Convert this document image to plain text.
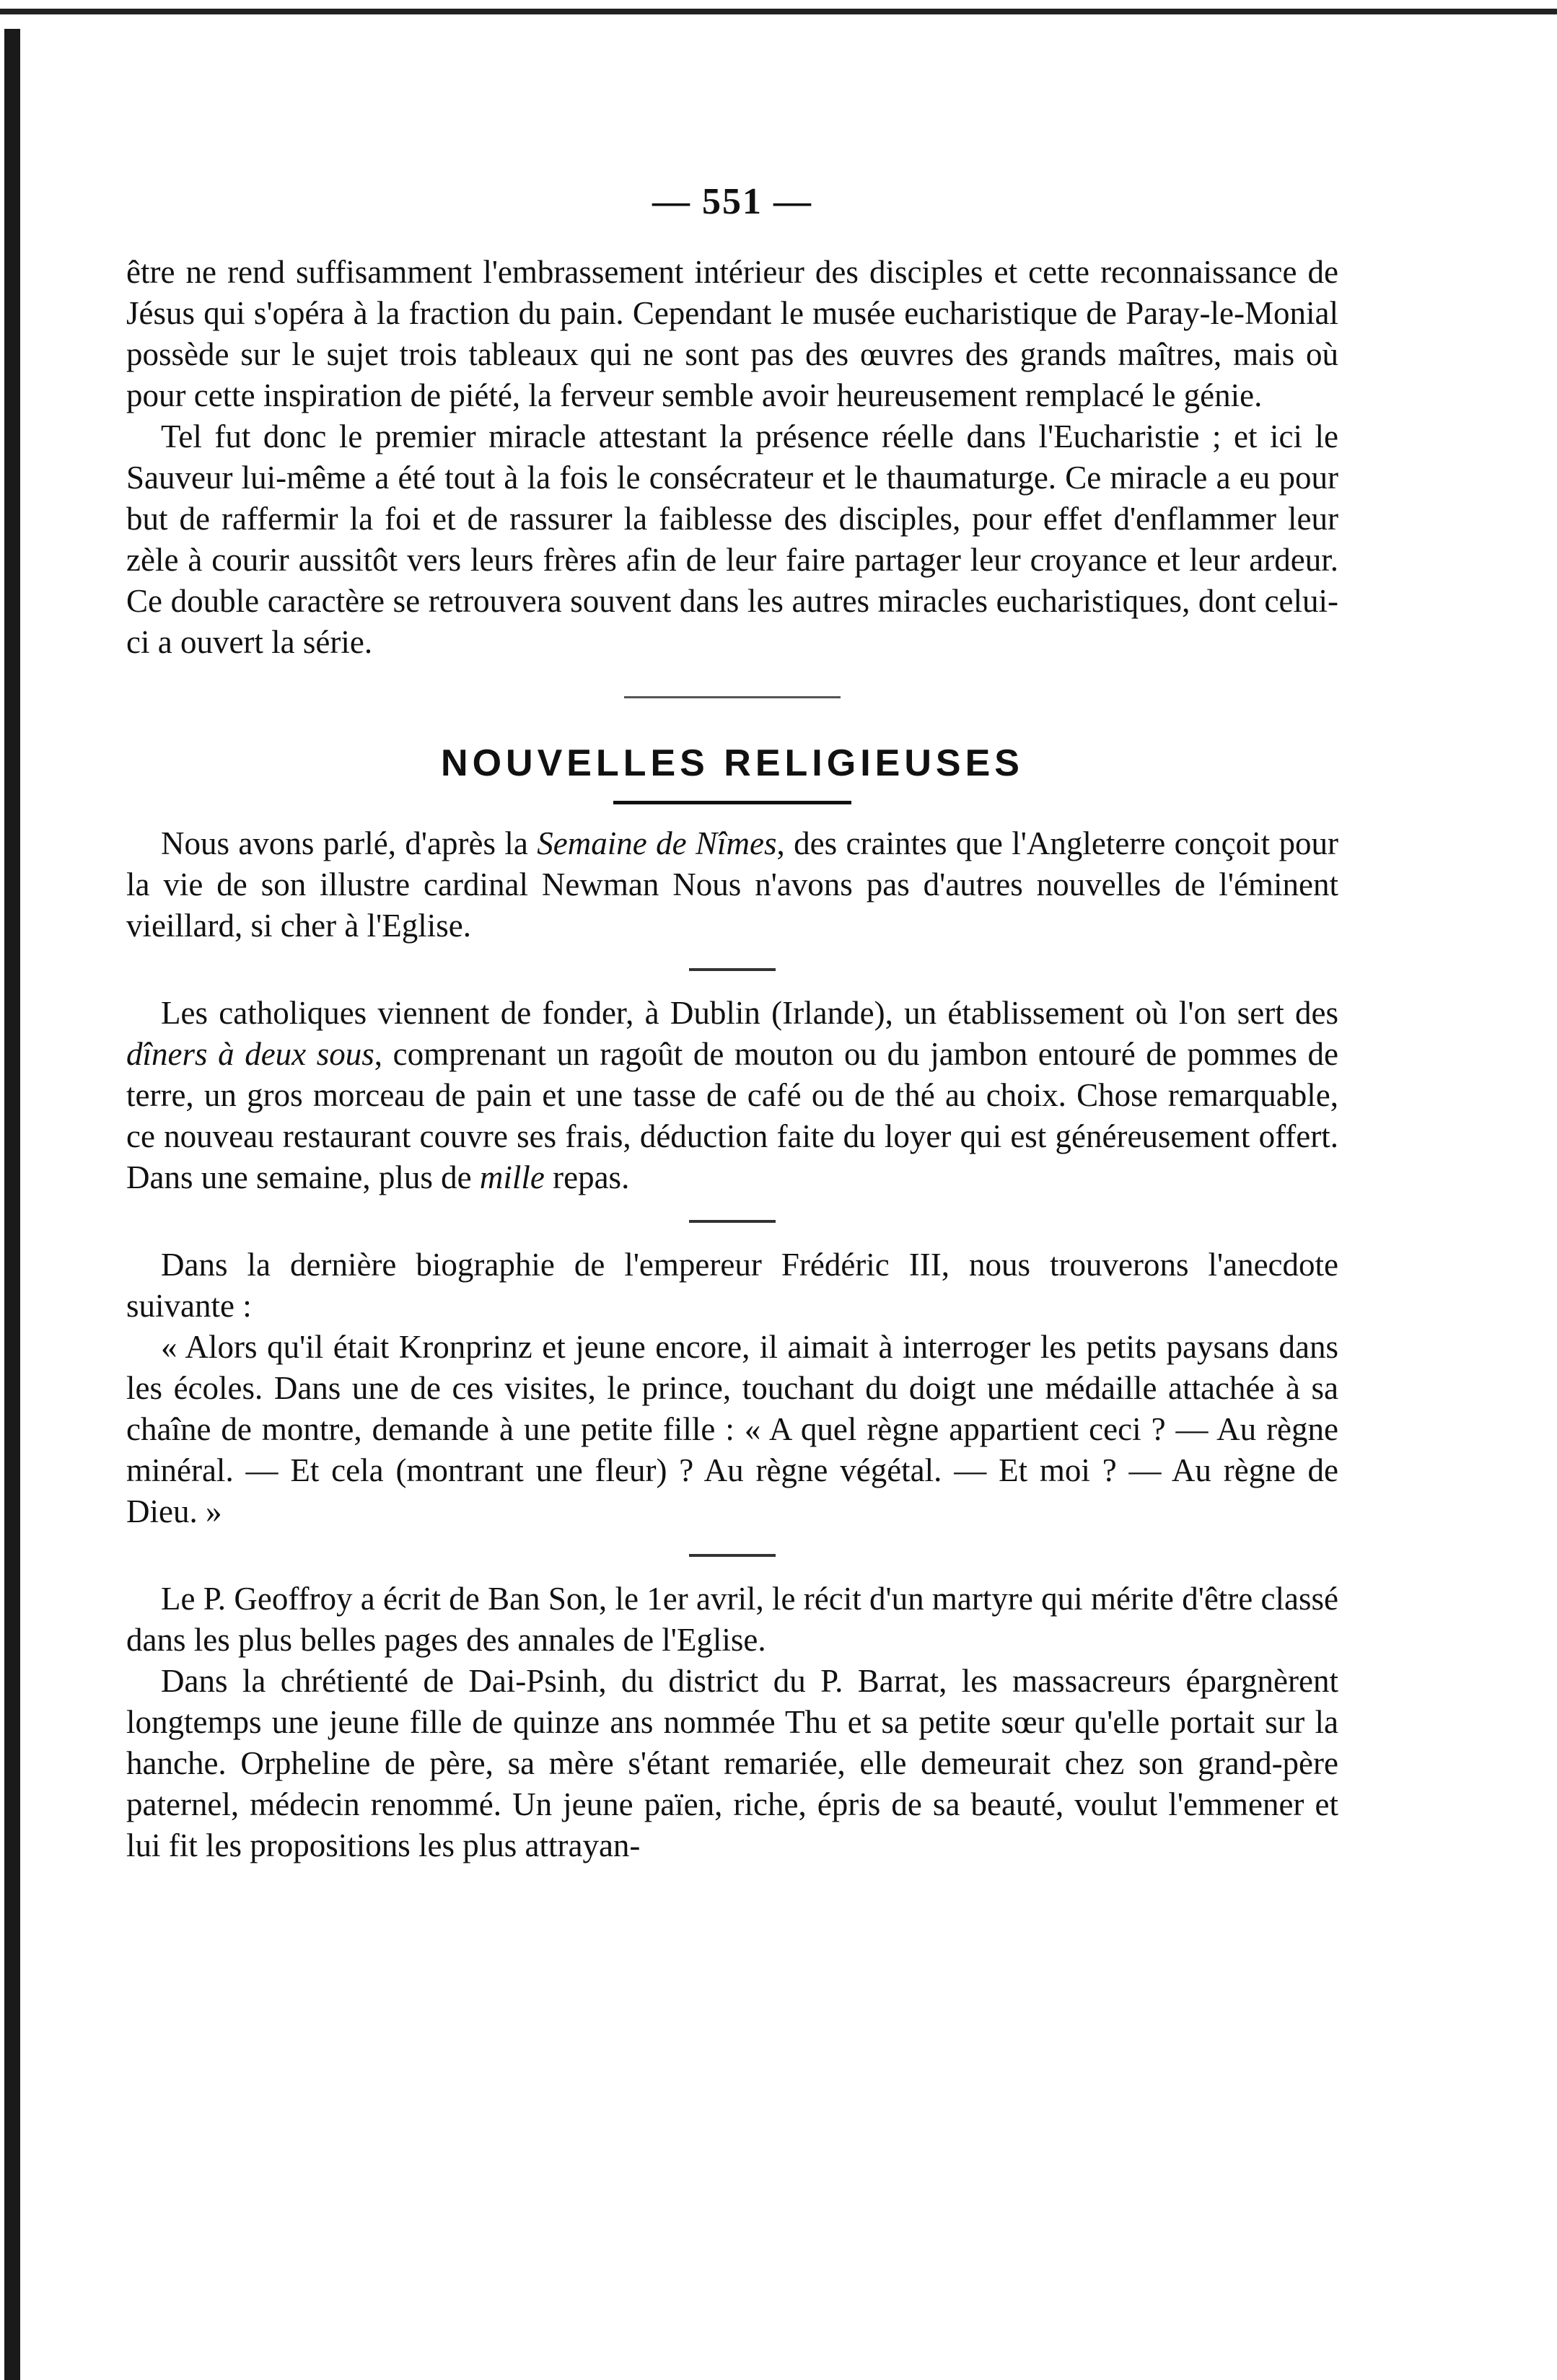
— 551 —

être ne rend suffisamment l'embrassement intérieur des disciples et cette reconnaissance de Jésus qui s'opéra à la fraction du pain. Cependant le musée eucharistique de Paray-le-Monial possède sur le sujet trois tableaux qui ne sont pas des œuvres des grands maîtres, mais où pour cette inspiration de piété, la ferveur semble avoir heureusement remplacé le génie.

Tel fut donc le premier miracle attestant la présence réelle dans l'Eucharistie ; et ici le Sauveur lui-même a été tout à la fois le consécrateur et le thaumaturge. Ce miracle a eu pour but de raffermir la foi et de rassurer la faiblesse des disciples, pour effet d'enflammer leur zèle à courir aussitôt vers leurs frères afin de leur faire partager leur croyance et leur ardeur. Ce double caractère se retrouvera souvent dans les autres miracles eucharistiques, dont celui-ci a ouvert la série.

NOUVELLES RELIGIEUSES

Nous avons parlé, d'après la Semaine de Nîmes, des craintes que l'Angleterre conçoit pour la vie de son illustre cardinal Newman Nous n'avons pas d'autres nouvelles de l'éminent vieillard, si cher à l'Eglise.

Les catholiques viennent de fonder, à Dublin (Irlande), un établissement où l'on sert des dîners à deux sous, comprenant un ragoût de mouton ou du jambon entouré de pommes de terre, un gros morceau de pain et une tasse de café ou de thé au choix. Chose remarquable, ce nouveau restaurant couvre ses frais, déduction faite du loyer qui est généreusement offert. Dans une semaine, plus de mille repas.

Dans la dernière biographie de l'empereur Frédéric III, nous trouverons l'anecdote suivante :

« Alors qu'il était Kronprinz et jeune encore, il aimait à interroger les petits paysans dans les écoles. Dans une de ces visites, le prince, touchant du doigt une médaille attachée à sa chaîne de montre, demande à une petite fille : « A quel règne appartient ceci ? — Au règne minéral. — Et cela (montrant une fleur) ? Au règne végétal. — Et moi ? — Au règne de Dieu. »

Le P. Geoffroy a écrit de Ban Son, le 1er avril, le récit d'un martyre qui mérite d'être classé dans les plus belles pages des annales de l'Eglise.

Dans la chrétienté de Dai-Psinh, du district du P. Barrat, les massacreurs épargnèrent longtemps une jeune fille de quinze ans nommée Thu et sa petite sœur qu'elle portait sur la hanche. Orpheline de père, sa mère s'étant remariée, elle demeurait chez son grand-père paternel, médecin renommé. Un jeune païen, riche, épris de sa beauté, voulut l'emmener et lui fit les propositions les plus attrayan-
